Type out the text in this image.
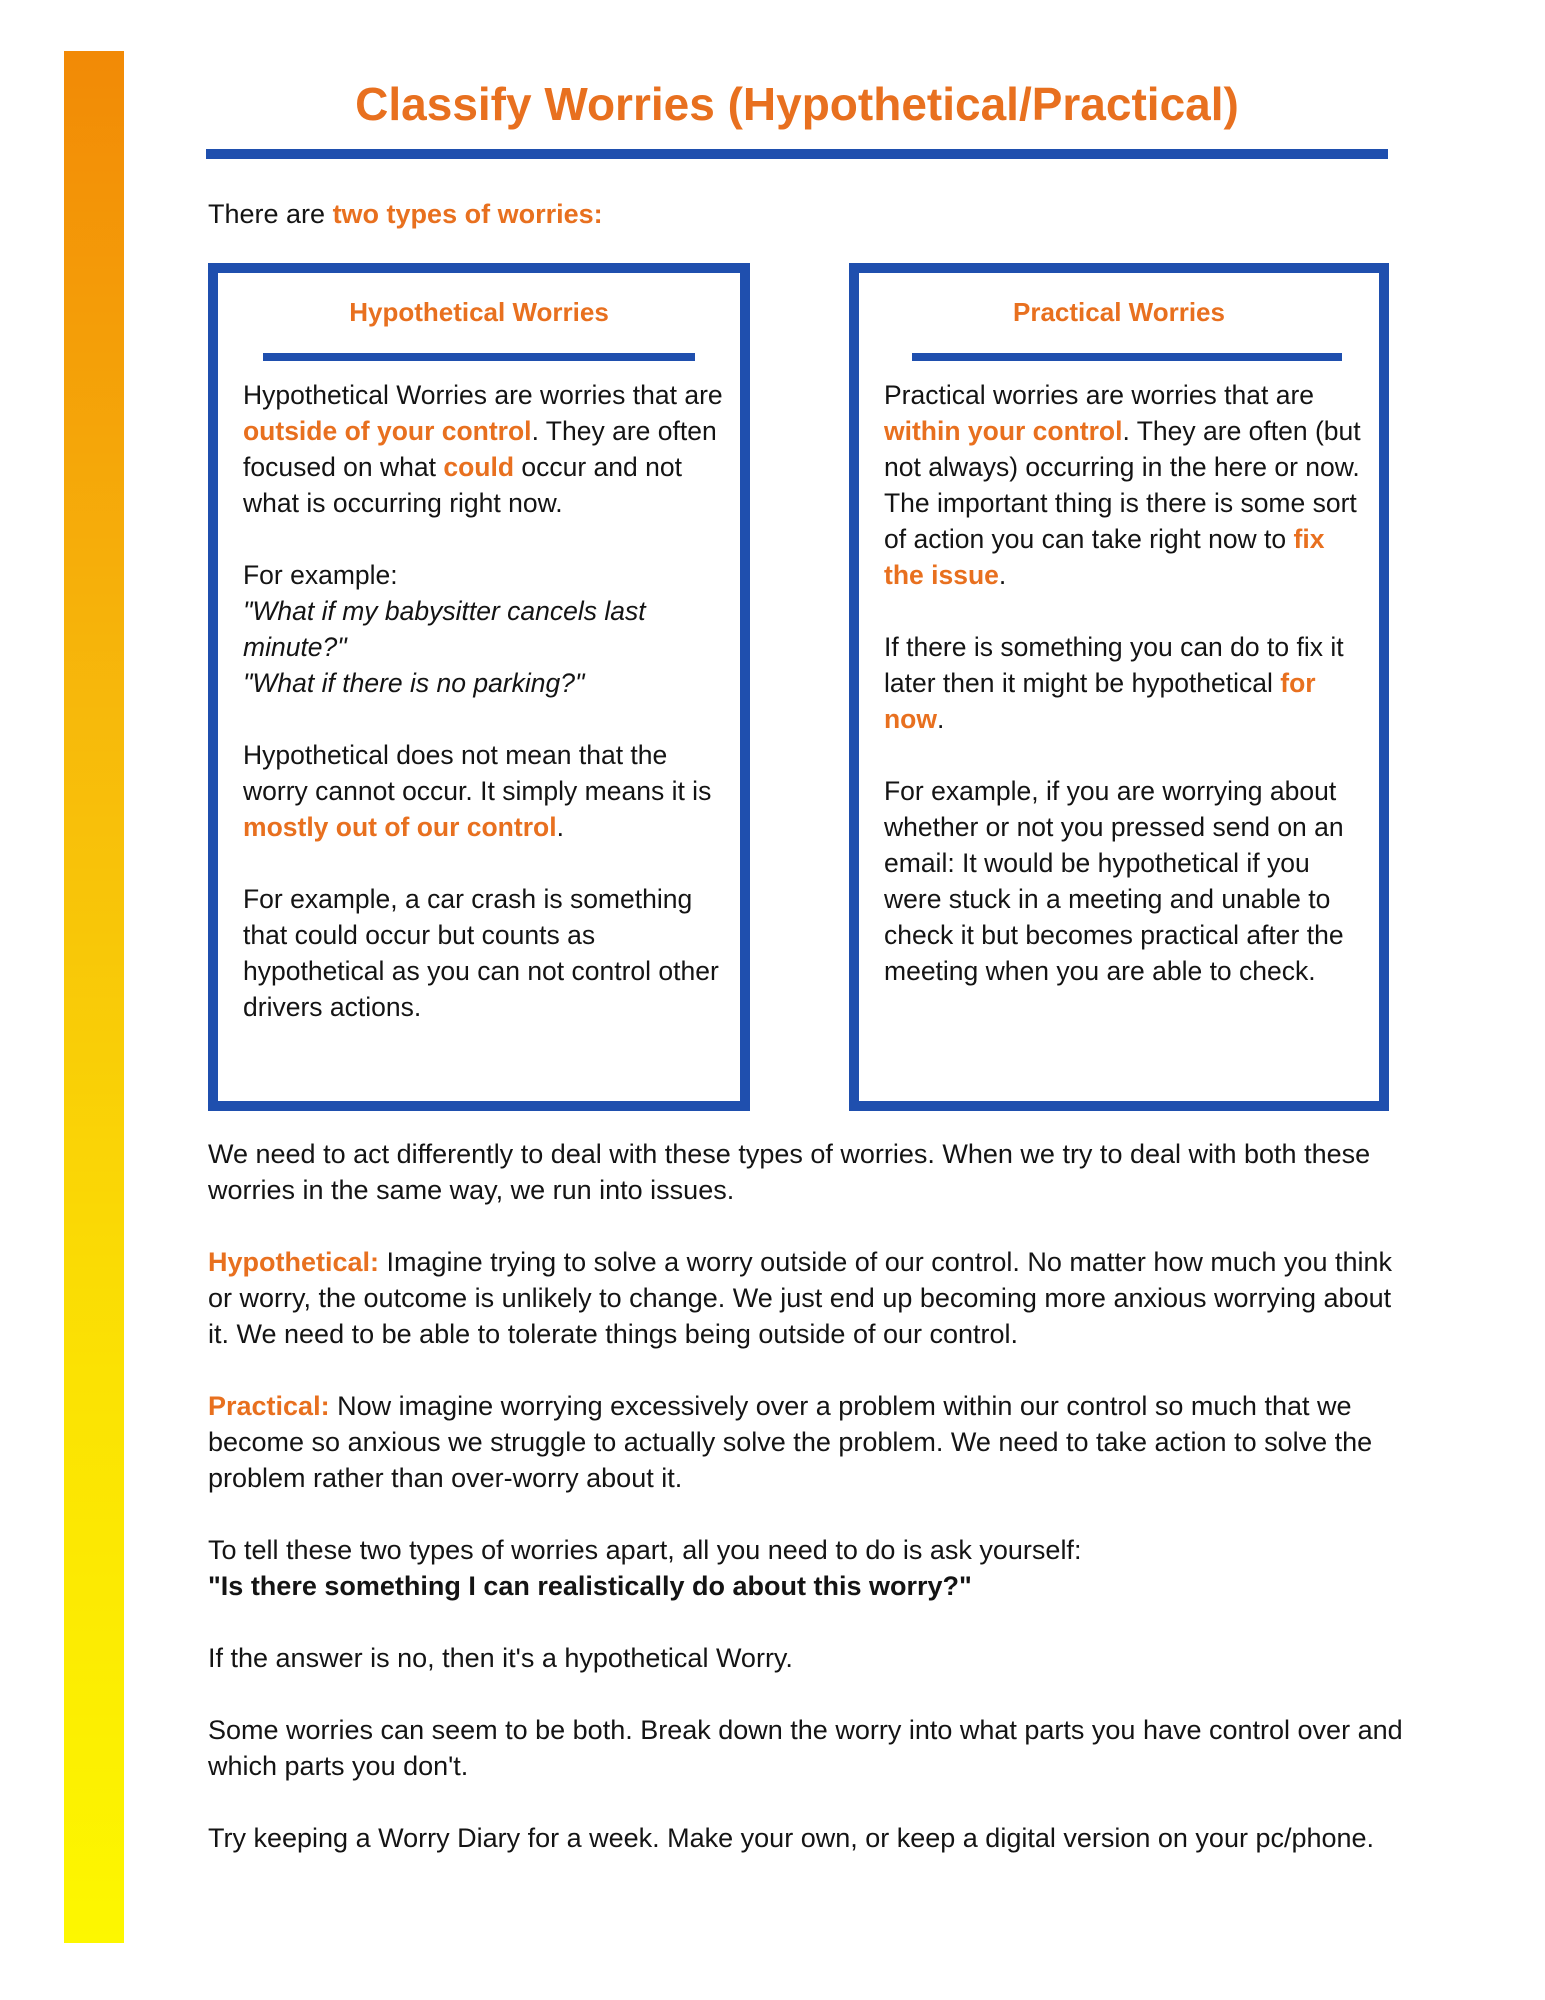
Classify Worries (Hypothetical/Practical)

There are two types of worries:

Hypothetical Worries

Hypothetical Worries are worries that are outside of your control. They are often focused on what could occur and not what is occurring right now.

For example:
"What if my babysitter cancels last minute?"
"What if there is no parking?"

Hypothetical does not mean that the worry cannot occur. It simply means it is mostly out of our control.

For example, a car crash is something that could occur but counts as hypothetical as you can not control other drivers actions.

Practical Worries

Practical worries are worries that are within your control. They are often (but not always) occurring in the here or now. The important thing is there is some sort of action you can take right now to fix the issue.

If there is something you can do to fix it later then it might be hypothetical for now.

For example, if you are worrying about whether or not you pressed send on an email: It would be hypothetical if you were stuck in a meeting and unable to check it but becomes practical after the meeting when you are able to check.

We need to act differently to deal with these types of worries. When we try to deal with both these worries in the same way, we run into issues.

Hypothetical: Imagine trying to solve a worry outside of our control. No matter how much you think or worry, the outcome is unlikely to change. We just end up becoming more anxious worrying about it. We need to be able to tolerate things being outside of our control.

Practical: Now imagine worrying excessively over a problem within our control so much that we become so anxious we struggle to actually solve the problem. We need to take action to solve the problem rather than over-worry about it.

To tell these two types of worries apart, all you need to do is ask yourself:

"Is there something I can realistically do about this worry?"

If the answer is no, then it's a hypothetical Worry.

Some worries can seem to be both. Break down the worry into what parts you have control over and which parts you don't.

Try keeping a Worry Diary for a week. Make your own, or keep a digital version on your pc/phone.
